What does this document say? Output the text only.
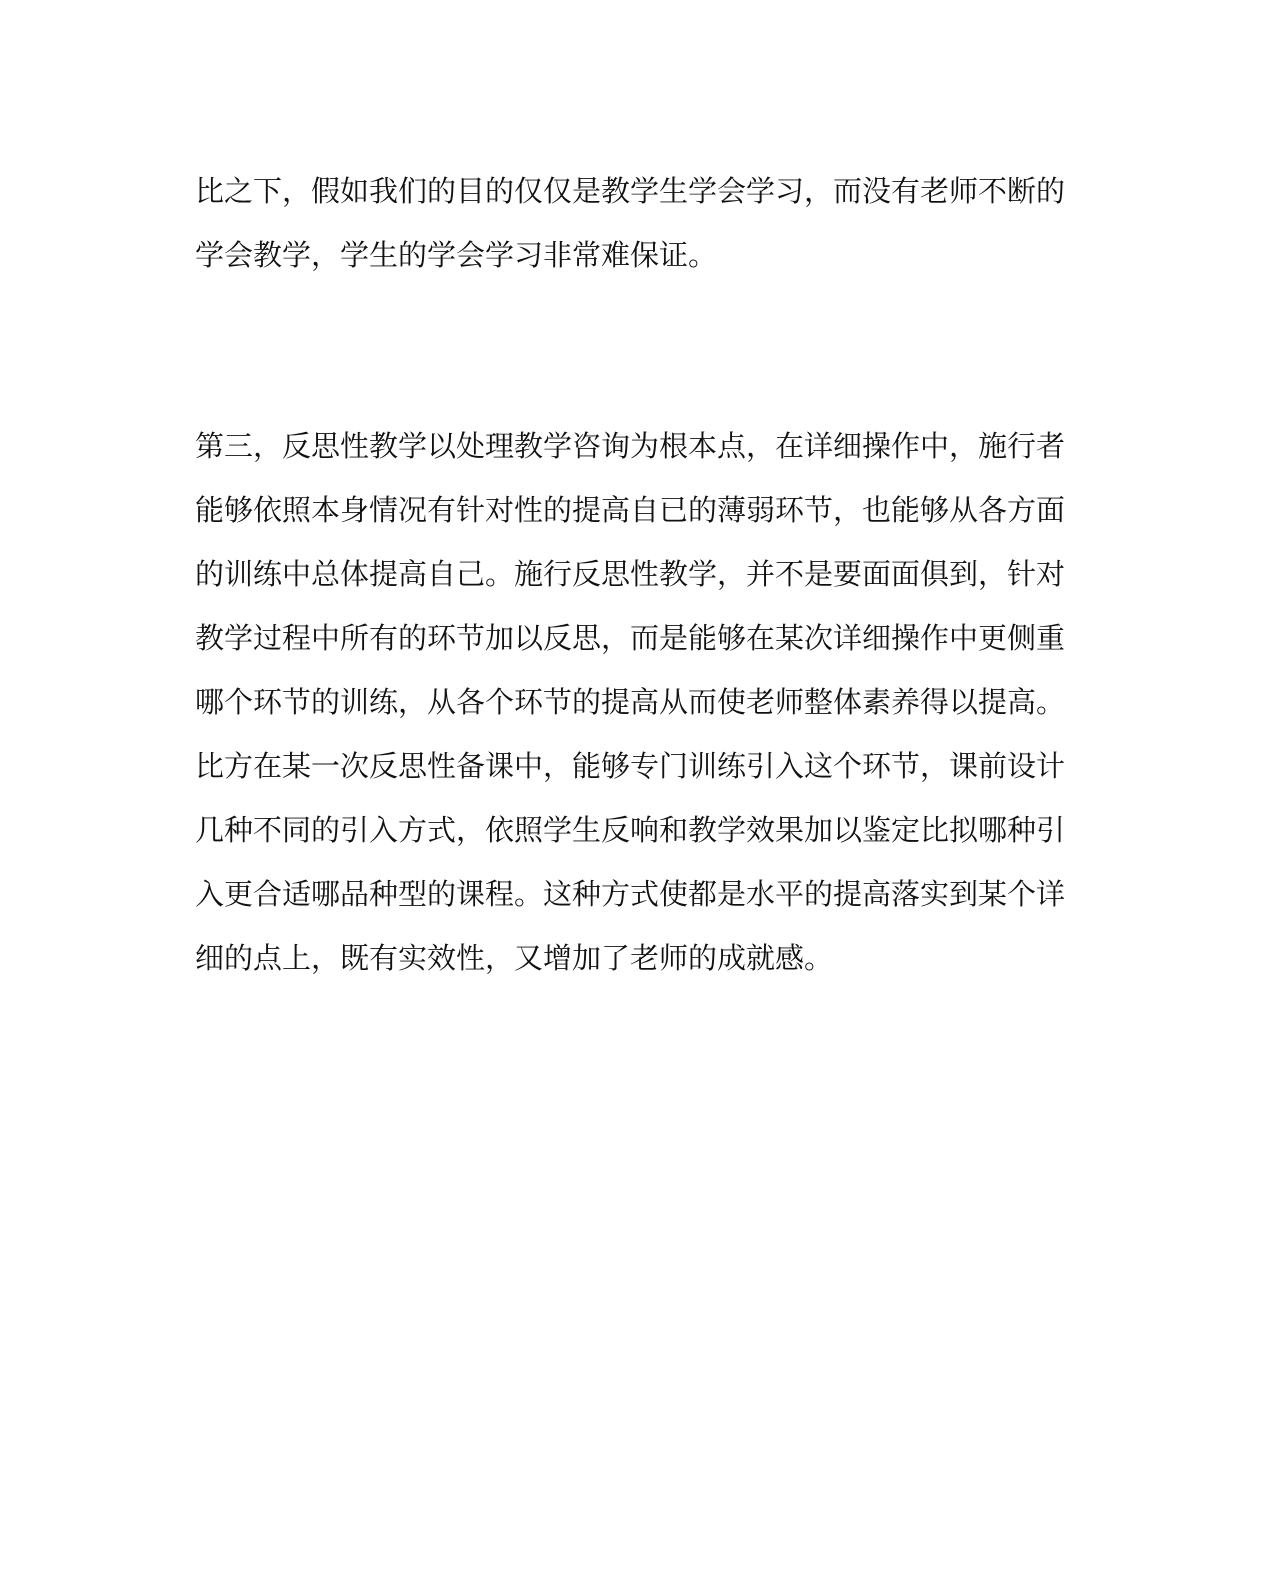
比之下，假如我们的目的仅仅是教学生学会学习，而没有老师不断的
学会教学，学生的学会学习非常难保证。

第三，反思性教学以处理教学咨询为根本点，在详细操作中，施行者
能够依照本身情况有针对性的提高自已的薄弱环节，也能够从各方面
的训练中总体提高自己。施行反思性教学，并不是要面面俱到，针对
教学过程中所有的环节加以反思，而是能够在某次详细操作中更侧重
哪个环节的训练，从各个环节的提高从而使老师整体素养得以提高。
比方在某一次反思性备课中，能够专门训练引入这个环节，课前设计
几种不同的引入方式，依照学生反响和教学效果加以鉴定比拟哪种引
入更合适哪品种型的课程。这种方式使都是水平的提高落实到某个详
细的点上，既有实效性，又增加了老师的成就感。
